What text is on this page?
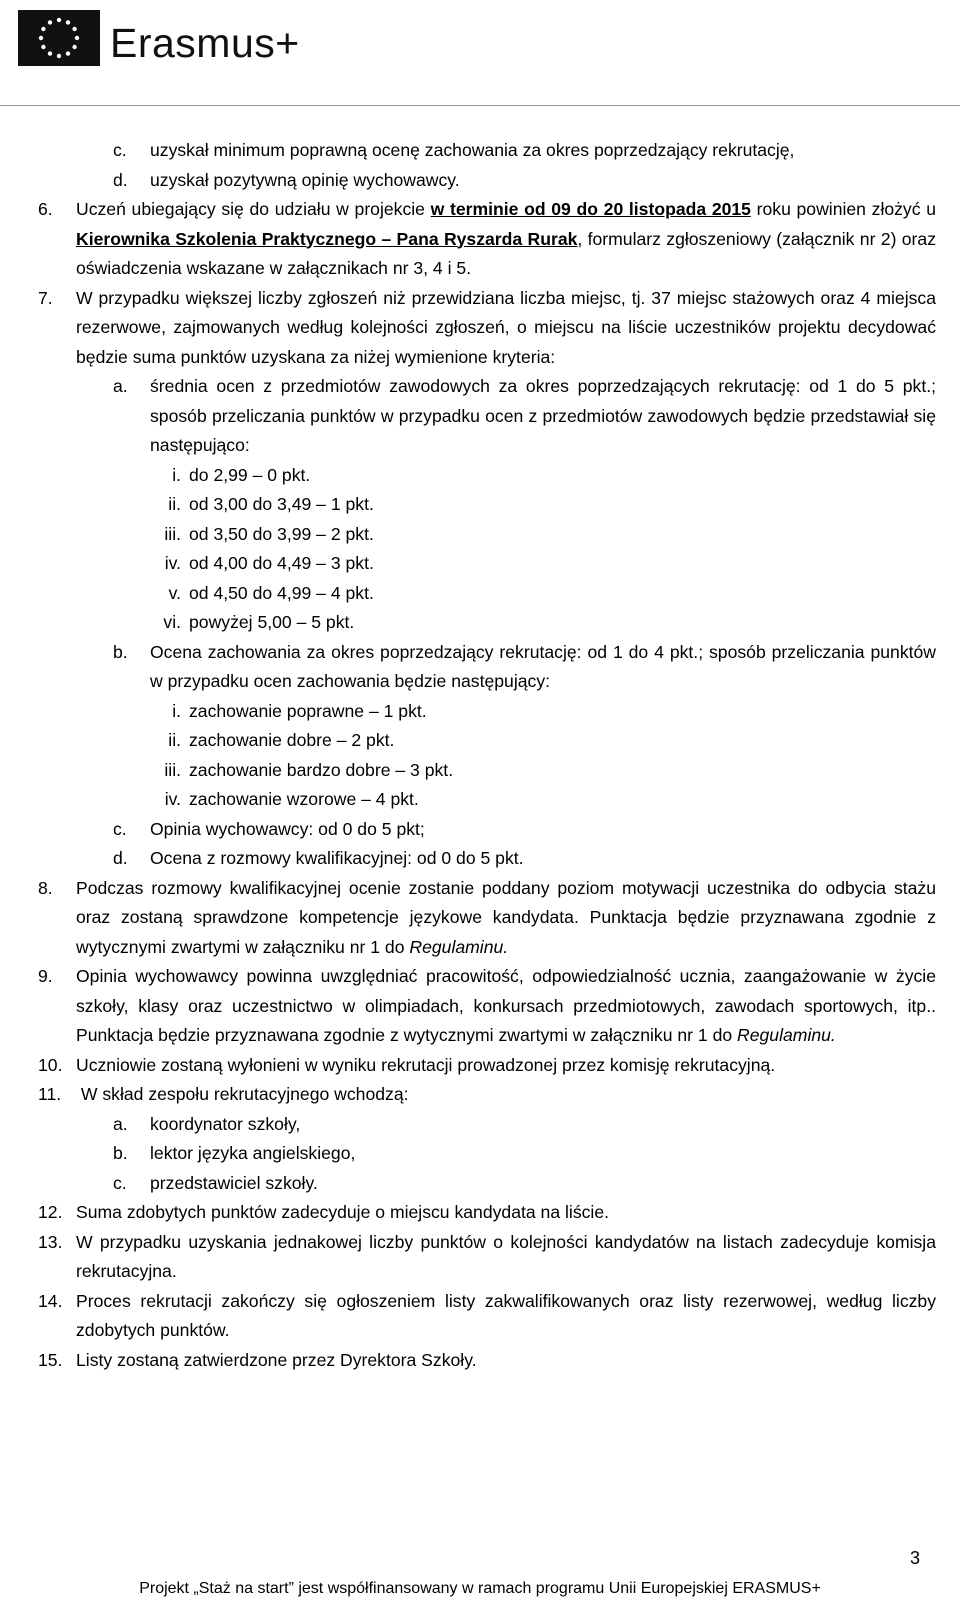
Erasmus+
c.	uzyskał minimum poprawną ocenę zachowania za okres poprzedzający rekrutację,
d.	uzyskał pozytywną opinię wychowawcy.
6.	Uczeń ubiegający się do udziału w projekcie w terminie od 09 do 20 listopada 2015 roku powinien złożyć u Kierownika Szkolenia Praktycznego – Pana Ryszarda Rurak, formularz zgłoszeniowy (załącznik nr 2) oraz oświadczenia wskazane w załącznikach nr 3, 4 i 5.
7.	W przypadku większej liczby zgłoszeń niż przewidziana liczba miejsc, tj. 37 miejsc stażowych oraz 4 miejsca rezerwowe, zajmowanych według kolejności zgłoszeń, o miejscu na liście uczestników projektu decydować będzie suma punktów uzyskana za niżej wymienione kryteria:
a.	średnia ocen z przedmiotów zawodowych za okres poprzedzających rekrutację: od 1 do 5 pkt.; sposób przeliczania punktów w przypadku ocen z przedmiotów zawodowych będzie przedstawiał się następująco:
i. do 2,99 – 0 pkt.
ii. od 3,00 do 3,49 – 1 pkt.
iii. od 3,50 do 3,99 – 2 pkt.
iv. od 4,00 do 4,49 – 3 pkt.
v. od 4,50 do 4,99 – 4 pkt.
vi. powyżej 5,00 – 5 pkt.
b.	Ocena zachowania za okres poprzedzający rekrutację: od 1 do 4 pkt.; sposób przeliczania punktów w przypadku ocen zachowania będzie następujący:
i. zachowanie poprawne – 1 pkt.
ii. zachowanie dobre – 2 pkt.
iii. zachowanie bardzo dobre – 3 pkt.
iv. zachowanie wzorowe – 4 pkt.
c.	Opinia wychowawcy: od 0 do 5 pkt;
d.	Ocena z rozmowy kwalifikacyjnej: od 0 do 5 pkt.
8.	Podczas rozmowy kwalifikacyjnej ocenie zostanie poddany poziom motywacji uczestnika do odbycia stażu oraz zostaną sprawdzone kompetencje językowe kandydata. Punktacja będzie przyznawana zgodnie z wytycznymi zwartymi w załączniku nr 1 do Regulaminu.
9.	Opinia wychowawcy powinna uwzględniać pracowitość, odpowiedzialność ucznia, zaangażowanie w życie szkoły, klasy oraz uczestnictwo w olimpiadach, konkursach przedmiotowych, zawodach sportowych, itp.. Punktacja będzie przyznawana zgodnie z wytycznymi zwartymi w załączniku nr 1 do Regulaminu.
10. Uczniowie zostaną wyłonieni w wyniku rekrutacji prowadzonej przez komisję rekrutacyjną.
11. W skład zespołu rekrutacyjnego wchodzą:
a.	koordynator szkoły,
b.	lektor języka angielskiego,
c.	przedstawiciel szkoły.
12. Suma zdobytych punktów zadecyduje o miejscu kandydata na liście.
13. W przypadku uzyskania jednakowej liczby punktów o kolejności kandydatów na listach zadecyduje komisja rekrutacyjna.
14. Proces rekrutacji zakończy się ogłoszeniem listy zakwalifikowanych oraz listy rezerwowej, według liczby zdobytych punktów.
15. Listy zostaną zatwierdzone przez Dyrektora Szkoły.
3
Projekt „Staż na start” jest współfinansowany w ramach programu Unii Europejskiej ERASMUS+
